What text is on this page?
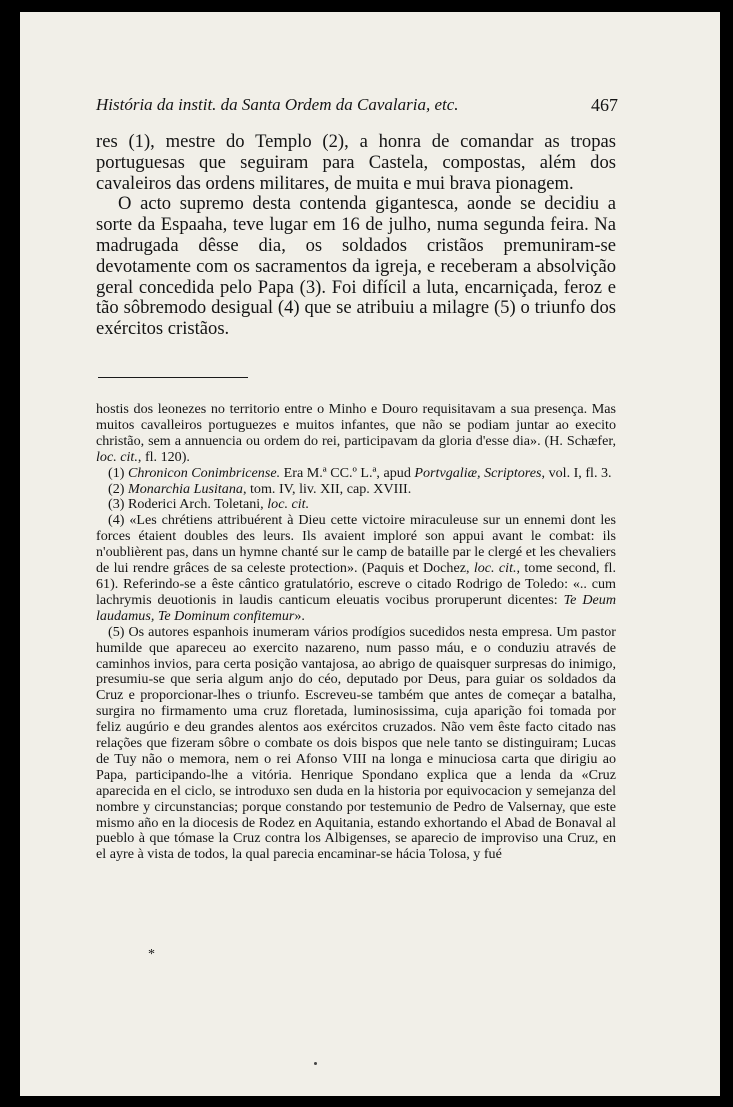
História da instit. da Santa Ordem da Cavalaria, etc.	467

res (1), mestre do Templo (2), a honra de comandar as tropas portuguesas que seguiram para Castela, compostas, além dos cavaleiros das ordens militares, de muita e mui brava pionagem.

O acto supremo desta contenda gigantesca, aonde se decidiu a sorte da Espaaha, teve lugar em 16 de julho, numa segunda feira. Na madrugada dêsse dia, os soldados cristãos premuniram-se devotamente com os sacramentos da igreja, e receberam a absolvição geral concedida pelo Papa (3). Foi difícil a luta, encarniçada, feroz e tão sôbremodo desigual (4) que se atribuiu a milagre (5) o triunfo dos exércitos cristãos.

hostis dos leonezes no territorio entre o Minho e Douro requisitavam a sua presença. Mas muitos cavalleiros portuguezes e muitos infantes, que não se podiam juntar ao execito christão, sem a annuencia ou ordem do rei, participavam da gloria d'esse dia». (H. Schæfer, loc. cit., fl. 120).

(1) Chronicon Conimbricense. Era M.ª CC.º L.ª, apud Portvgaliæ, Scriptores, vol. I, fl. 3.

(2) Monarchia Lusitana, tom. IV, liv. XII, cap. XVIII.

(3) Roderici Arch. Toletani, loc. cit.

(4) «Les chrétiens attribuérent à Dieu cette victoire miraculeuse sur un ennemi dont les forces étaient doubles des leurs. Ils avaient imploré son appui avant le combat: ils n'oublièrent pas, dans un hymne chanté sur le camp de bataille par le clergé et les chevaliers de lui rendre grâces de sa celeste protection». (Paquis et Dochez, loc. cit., tome second, fl. 61). Referindo-se a êste cântico gratulatório, escreve o citado Rodrigo de Toledo: «.. cum lachrymis deuotionis in laudis canticum eleuatis vocibus proruperunt dicentes: Te Deum laudamus, Te Dominum confitemur».

(5) Os autores espanhois inumeram vários prodígios sucedidos nesta empresa. Um pastor humilde que apareceu ao exercito nazareno, num passo máu, e o conduziu através de caminhos invios, para certa posição vantajosa, ao abrigo de quaisquer surpresas do inimigo, presumiu-se que seria algum anjo do céo, deputado por Deus, para guiar os soldados da Cruz e proporcionar-lhes o triunfo. Escreveu-se também que antes de começar a batalha, surgira no firmamento uma cruz floretada, luminosissima, cuja aparição foi tomada por feliz augúrio e deu grandes alentos aos exércitos cruzados. Não vem êste facto citado nas relações que fizeram sôbre o combate os dois bispos que nele tanto se distinguiram; Lucas de Tuy não o memora, nem o rei Afonso VIII na longa e minuciosa carta que dirigiu ao Papa, participando-lhe a vitória. Henrique Spondano explica que a lenda da «Cruz aparecida en el ciclo, se introduxo sen duda en la historia por equivocacion y semejanza del nombre y circunstancias; porque constando por testemunio de Pedro de Valsernay, que este mismo año en la diocesis de Rodez en Aquitania, estando exhortando el Abad de Bonaval al pueblo à que tómase la Cruz contra los Albigenses, se aparecio de improviso una Cruz, en el ayre à vista de todos, la qual parecia encaminar-se hácia Tolosa, y fué

*
